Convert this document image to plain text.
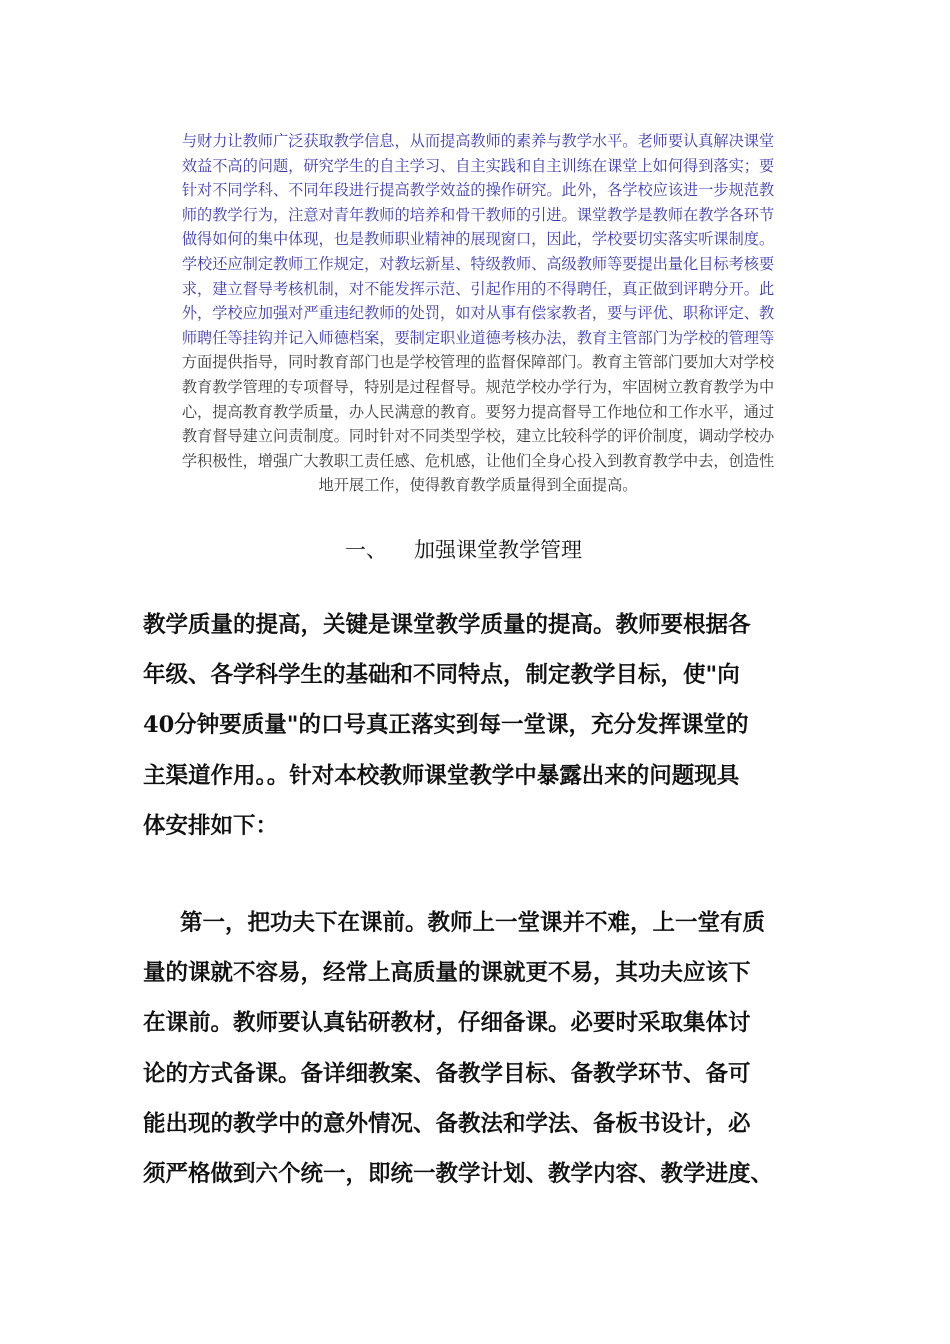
与财力让教师广泛获取教学信息，从而提高教师的素养与教学水平。老师要认真解决课堂
效益不高的问题，研究学生的自主学习、自主实践和自主训练在课堂上如何得到落实；要
针对不同学科、不同年段进行提高教学效益的操作研究。此外，各学校应该进一步规范教
师的教学行为，注意对青年教师的培养和骨干教师的引进。课堂教学是教师在教学各环节
做得如何的集中体现，也是教师职业精神的展现窗口，因此，学校要切实落实听课制度。
学校还应制定教师工作规定，对教坛新星、特级教师、高级教师等要提出量化目标考核要
求，建立督导考核机制，对不能发挥示范、引起作用的不得聘任，真正做到评聘分开。此
外，学校应加强对严重违纪教师的处罚，如对从事有偿家教者，要与评优、职称评定、教
师聘任等挂钩并记入师德档案，要制定职业道德考核办法，教育主管部门为学校的管理等
方面提供指导，同时教育部门也是学校管理的监督保障部门。教育主管部门要加大对学校
教育教学管理的专项督导，特别是过程督导。规范学校办学行为，牢固树立教育教学为中
心，提高教育教学质量，办人民满意的教育。要努力提高督导工作地位和工作水平，通过
教育督导建立问责制度。同时针对不同类型学校，建立比较科学的评价制度，调动学校办
学积极性，增强广大教职工责任感、危机感，让他们全身心投入到教育教学中去，创造性
地开展工作，使得教育教学质量得到全面提高。
一、 加强课堂教学管理
教学质量的提高，关键是课堂教学质量的提高。教师要根据各
年级、各学科学生的基础和不同特点，制定教学目标，使"向
40分钟要质量"的口号真正落实到每一堂课，充分发挥课堂的
主渠道作用。。针对本校教师课堂教学中暴露出来的问题现具
体安排如下：
第一，把功夫下在课前。教师上一堂课并不难，上一堂有质
量的课就不容易，经常上高质量的课就更不易，其功夫应该下
在课前。教师要认真钻研教材，仔细备课。必要时采取集体讨
论的方式备课。备详细教案、备教学目标、备教学环节、备可
能出现的教学中的意外情况、备教法和学法、备板书设计，必
须严格做到六个统一，即统一教学计划、教学内容、教学进度、
